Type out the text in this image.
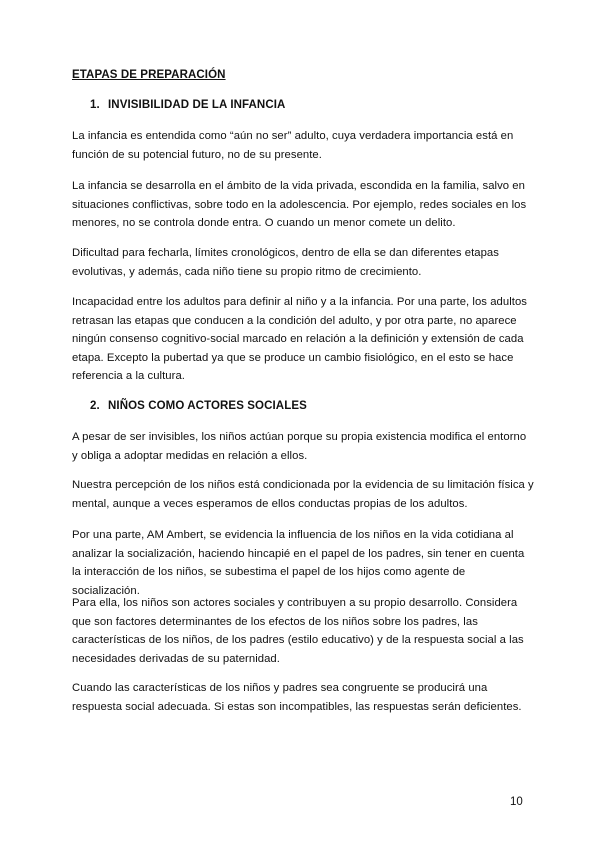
ETAPAS DE PREPARACIÓN
1. INVISIBILIDAD DE LA INFANCIA

La infancia es entendida como “aún no ser” adulto, cuya verdadera importancia está en función de su potencial futuro, no de su presente.

La infancia se desarrolla en el ámbito de la vida privada, escondida en la familia, salvo en situaciones conflictivas, sobre todo en la adolescencia. Por ejemplo, redes sociales en los menores, no se controla donde entra. O cuando un menor comete un delito.

Dificultad para fecharla, límites cronológicos, dentro de ella se dan diferentes etapas evolutivas, y además, cada niño tiene su propio ritmo de crecimiento.

Incapacidad entre los adultos para definir al niño y a la infancia. Por una parte, los adultos retrasan las etapas que conducen a la condición del adulto, y por otra parte, no aparece ningún consenso cognitivo-social marcado en relación a la definición y extensión de cada etapa. Excepto la pubertad ya que se produce un cambio fisiológico, en el esto se hace referencia a la cultura.

2. NIÑOS COMO ACTORES SOCIALES

A pesar de ser invisibles, los niños actúan porque su propia existencia modifica el entorno y obliga a adoptar medidas en relación a ellos.

Nuestra percepción de los niños está condicionada por la evidencia de su limitación física y mental, aunque a veces esperamos de ellos conductas propias de los adultos.

Por una parte, AM Ambert, se evidencia la influencia de los niños en la vida cotidiana al analizar la socialización, haciendo hincapié en el papel de los padres, sin tener en cuenta la interacción de los niños, se subestima el papel de los hijos como agente de socialización.

Para ella, los niños son actores sociales y contribuyen a su propio desarrollo. Considera que son factores determinantes de los efectos de los niños sobre los padres, las características de los niños, de los padres (estilo educativo) y de la respuesta social a las necesidades derivadas de su paternidad.

Cuando las características de los niños y padres sea congruente se producirá una respuesta social adecuada. Si estas son incompatibles, las respuestas serán deficientes.

10
